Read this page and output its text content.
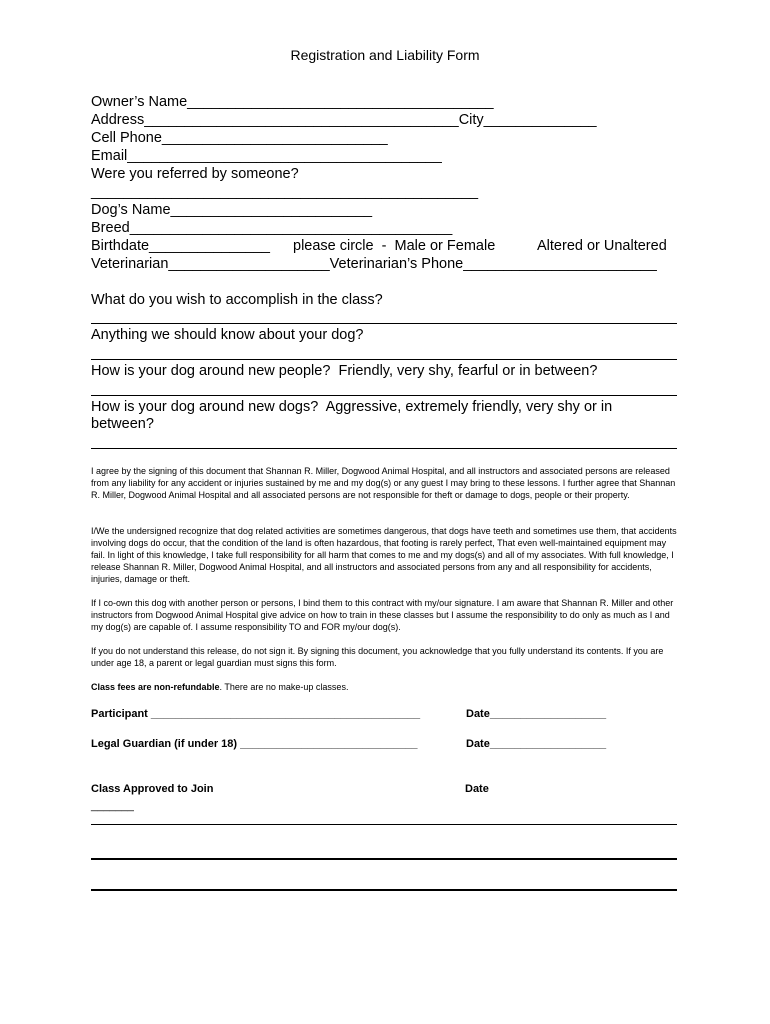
Registration and Liability Form
Owner’s Name______________________________________
Address_______________________________________City______________
Cell Phone____________________________
Email_______________________________________
Were you referred by someone?
________________________________________________
Dog’s Name_________________________
Breed________________________________________
Birthdate_______________ please circle  -  Male or Female	Altered or Unaltered
Veterinarian____________________Veterinarian’s Phone________________________
What do you wish to accomplish in the class?
Anything we should know about your dog?
How is your dog around new people?  Friendly, very shy, fearful or in between?
How is your dog around new dogs?  Aggressive, extremely friendly, very shy or in
between?
I agree by the signing of this document that Shannan R. Miller, Dogwood Animal Hospital, and all instructors and associated persons are released from any liability for any accident or injuries sustained by me and my dog(s) or any guest I may bring to these lessons. I further agree that Shannan R. Miller, Dogwood Animal Hospital and all associated persons are not responsible for theft or damage to dogs, people or their property.
I/We the undersigned recognize that dog related activities are sometimes dangerous, that dogs have teeth and sometimes use them, that accidents involving dogs do occur, that the condition of the land is often hazardous, that footing is rarely perfect, That even well-maintained equipment may fail. In light of this knowledge, I take full responsibility for all harm that comes to me and my dogs(s) and all of my associates. With full knowledge, I release Shannan R. Miller, Dogwood Animal Hospital, and all instructors and associated persons from any and all responsibility for accidents, injuries, damage or theft.
If I co-own this dog with another person or persons, I bind them to this contract with my/our signature. I am aware that Shannan R. Miller and other instructors from Dogwood Animal Hospital give advice on how to train in these classes but I assume the responsibility to do only as much as I and my dog(s) are capable of. I assume responsibility TO and FOR my/our dog(s).
If you do not understand this release, do not sign it. By signing this document, you acknowledge that you fully understand its contents. If you are under age 18, a parent or legal guardian must signs this form.
Class fees are non-refundable. There are no make-up classes.
Participant ____________________________________________	Date___________________
Legal Guardian (if under 18) _____________________________	Date___________________
Class Approved to Join	Date
_______
